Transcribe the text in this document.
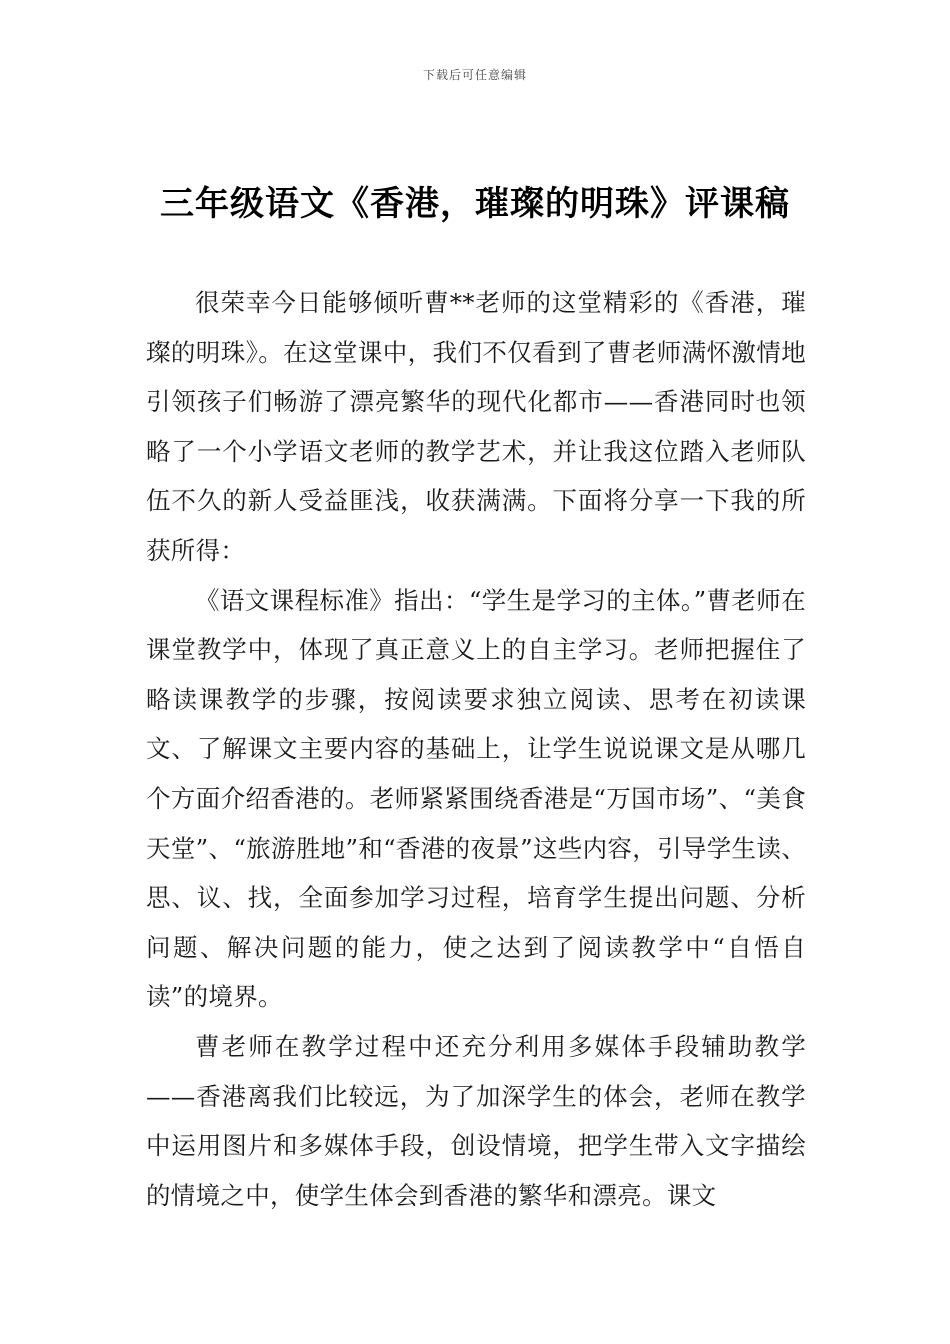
下载后可任意编辑
三年级语文《香港，璀璨的明珠》评课稿

很荣幸今日能够倾听曹**老师的这堂精彩的《香港，璀璨的明珠》。在这堂课中，我们不仅看到了曹老师满怀激情地引领孩子们畅游了漂亮繁华的现代化都市——香港同时也领略了一个小学语文老师的教学艺术，并让我这位踏入老师队伍不久的新人受益匪浅，收获满满。下面将分享一下我的所获所得：

《语文课程标准》指出：“学生是学习的主体。”曹老师在课堂教学中，体现了真正意义上的自主学习。老师把握住了略读课教学的步骤，按阅读要求独立阅读、思考在初读课文、了解课文主要内容的基础上，让学生说说课文是从哪几个方面介绍香港的。老师紧紧围绕香港是“万国市场”、“美食天堂”、“旅游胜地”和“香港的夜景”这些内容，引导学生读、思、议、找，全面参加学习过程，培育学生提出问题、分析问题、解决问题的能力，使之达到了阅读教学中“自悟自读”的境界。

曹老师在教学过程中还充分利用多媒体手段辅助教学——香港离我们比较远，为了加深学生的体会，老师在教学中运用图片和多媒体手段，创设情境，把学生带入文字描绘的情境之中，使学生体会到香港的繁华和漂亮。课文
